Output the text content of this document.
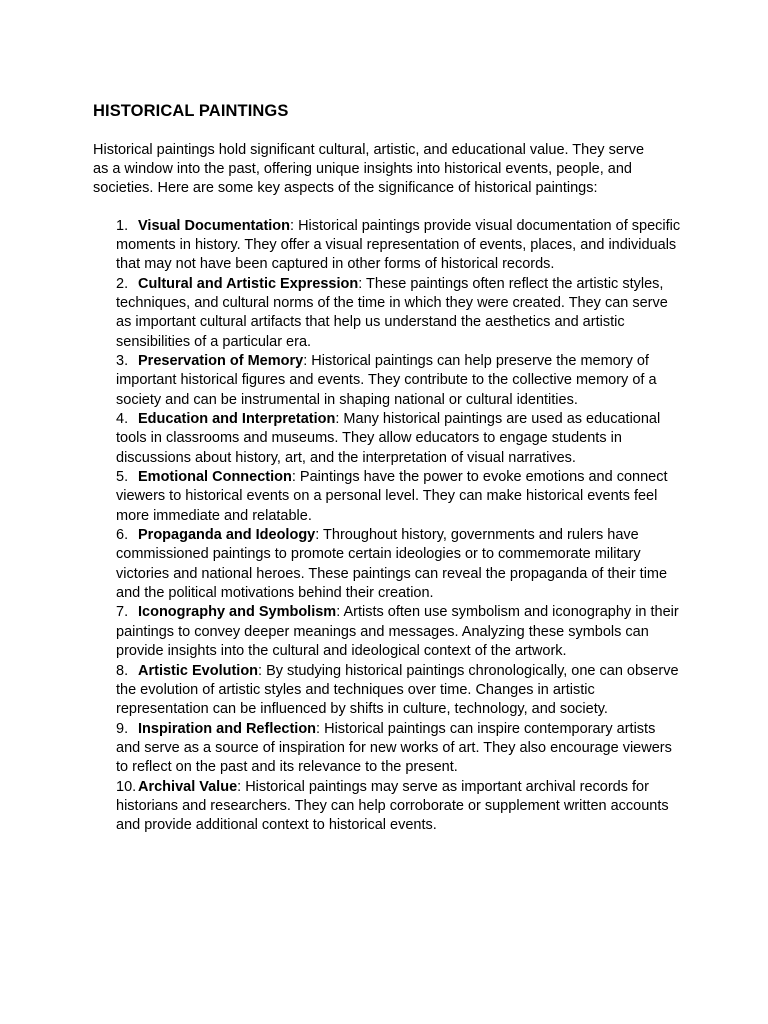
HISTORICAL PAINTINGS

Historical paintings hold significant cultural, artistic, and educational value. They serve as a window into the past, offering unique insights into historical events, people, and societies. Here are some key aspects of the significance of historical paintings:

1. Visual Documentation: Historical paintings provide visual documentation of specific moments in history. They offer a visual representation of events, places, and individuals that may not have been captured in other forms of historical records.
2. Cultural and Artistic Expression: These paintings often reflect the artistic styles, techniques, and cultural norms of the time in which they were created. They can serve as important cultural artifacts that help us understand the aesthetics and artistic sensibilities of a particular era.
3. Preservation of Memory: Historical paintings can help preserve the memory of important historical figures and events. They contribute to the collective memory of a society and can be instrumental in shaping national or cultural identities.
4. Education and Interpretation: Many historical paintings are used as educational tools in classrooms and museums. They allow educators to engage students in discussions about history, art, and the interpretation of visual narratives.
5. Emotional Connection: Paintings have the power to evoke emotions and connect viewers to historical events on a personal level. They can make historical events feel more immediate and relatable.
6. Propaganda and Ideology: Throughout history, governments and rulers have commissioned paintings to promote certain ideologies or to commemorate military victories and national heroes. These paintings can reveal the propaganda of their time and the political motivations behind their creation.
7. Iconography and Symbolism: Artists often use symbolism and iconography in their paintings to convey deeper meanings and messages. Analyzing these symbols can provide insights into the cultural and ideological context of the artwork.
8. Artistic Evolution: By studying historical paintings chronologically, one can observe the evolution of artistic styles and techniques over time. Changes in artistic representation can be influenced by shifts in culture, technology, and society.
9. Inspiration and Reflection: Historical paintings can inspire contemporary artists and serve as a source of inspiration for new works of art. They also encourage viewers to reflect on the past and its relevance to the present.
10. Archival Value: Historical paintings may serve as important archival records for historians and researchers. They can help corroborate or supplement written accounts and provide additional context to historical events.
